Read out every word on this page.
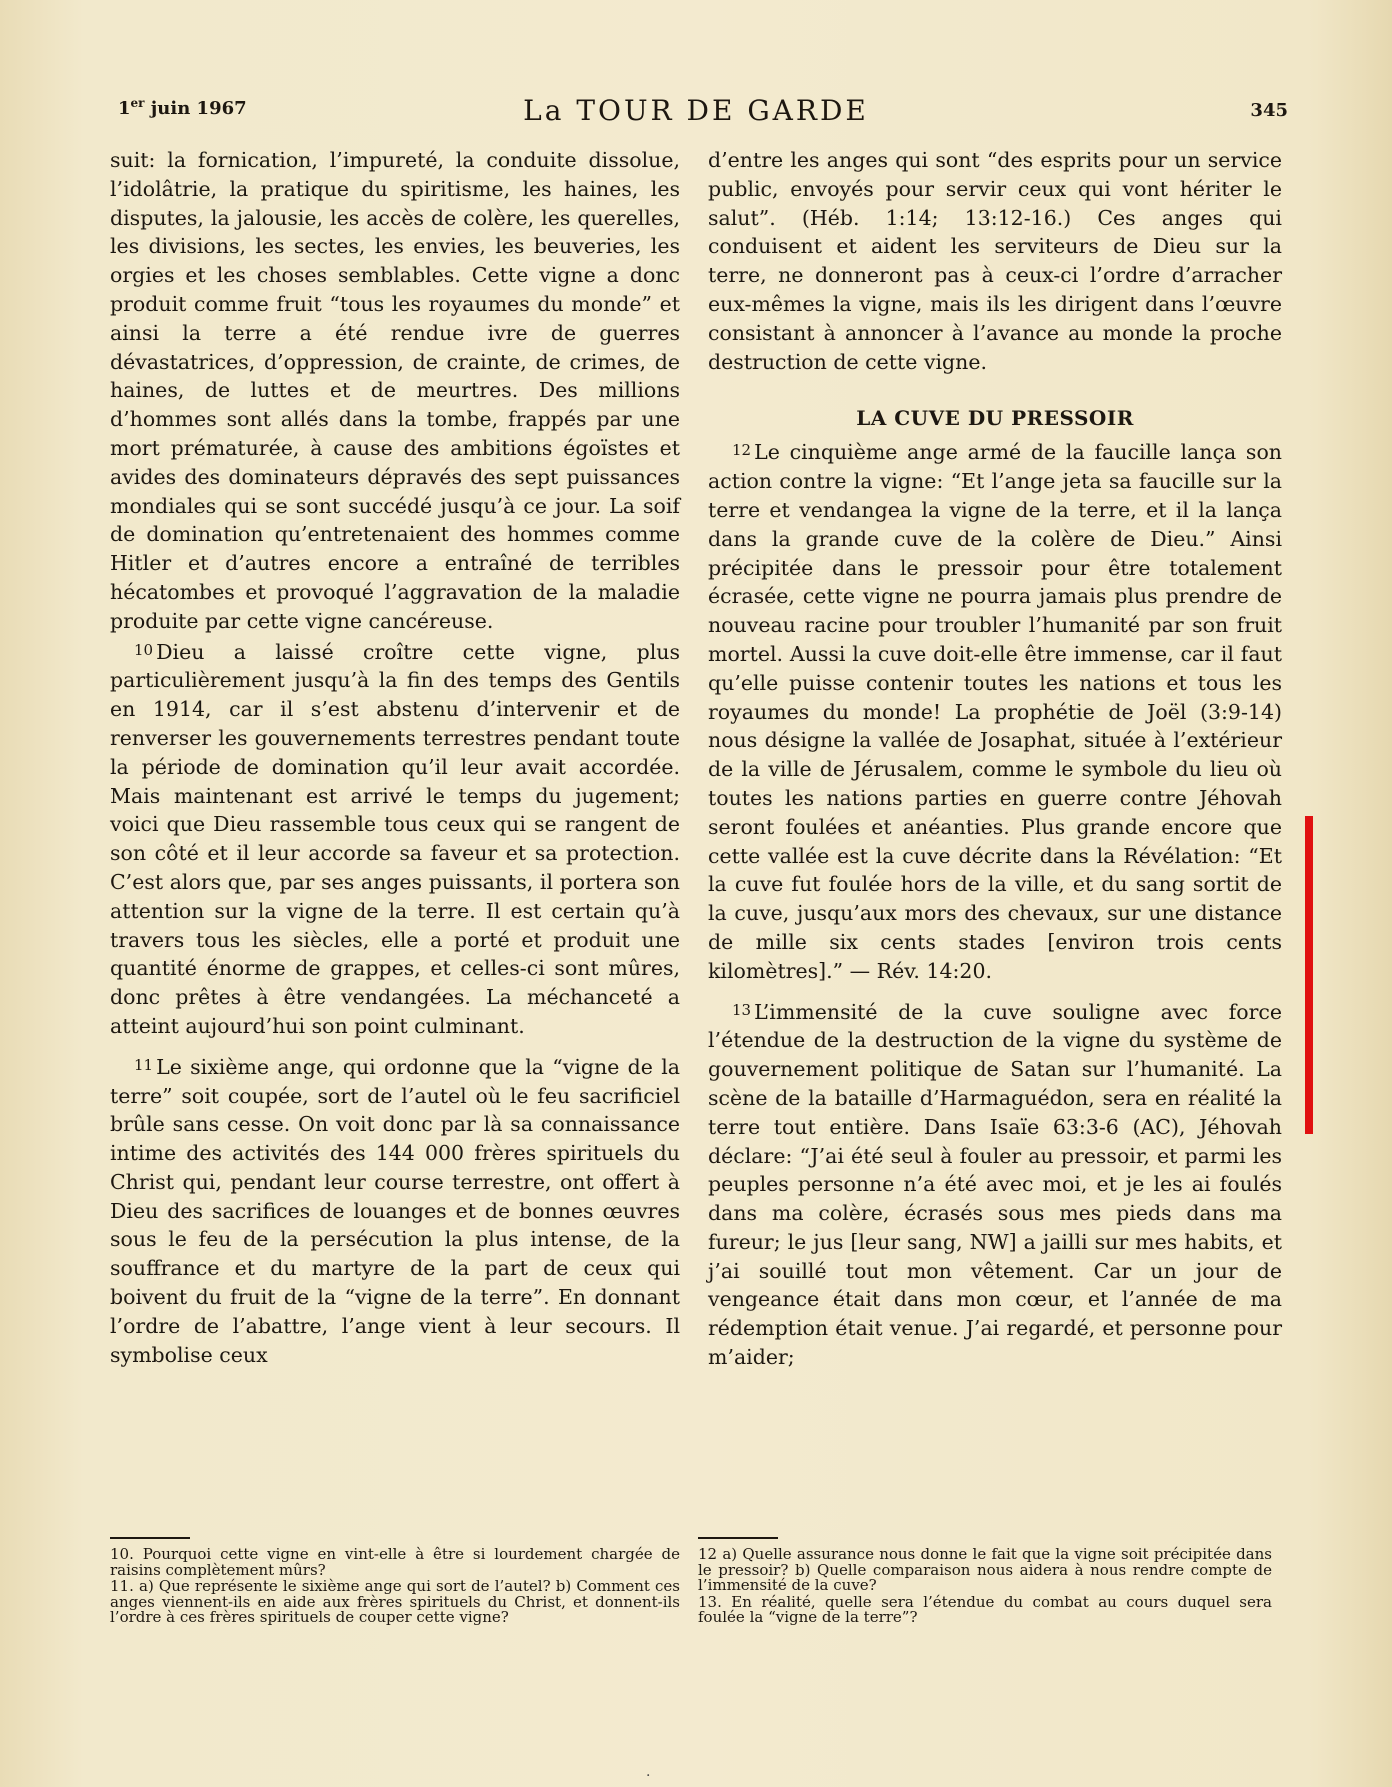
1er juin 1967	La TOUR DE GARDE	345

suit: la fornication, l’impureté, la conduite dissolue, l’idolâtrie, la pratique du spiritisme, les haines, les disputes, la jalousie, les accès de colère, les querelles, les divisions, les sectes, les envies, les beuveries, les orgies et les choses semblables. Cette vigne a donc produit comme fruit “tous les royaumes du monde” et ainsi la terre a été rendue ivre de guerres dévastatrices, d’oppression, de crainte, de crimes, de haines, de luttes et de meurtres. Des millions d’hommes sont allés dans la tombe, frappés par une mort prématurée, à cause des ambitions égoïstes et avides des dominateurs dépravés des sept puissances mondiales qui se sont succédé jusqu’à ce jour. La soif de domination qu’entretenaient des hommes comme Hitler et d’autres encore a entraîné de terribles hécatombes et provoqué l’aggravation de la maladie produite par cette vigne cancéreuse.

10 Dieu a laissé croître cette vigne, plus particulièrement jusqu’à la fin des temps des Gentils en 1914, car il s’est abstenu d’intervenir et de renverser les gouvernements terrestres pendant toute la période de domination qu’il leur avait accordée. Mais maintenant est arrivé le temps du jugement; voici que Dieu rassemble tous ceux qui se rangent de son côté et il leur accorde sa faveur et sa protection. C’est alors que, par ses anges puissants, il portera son attention sur la vigne de la terre. Il est certain qu’à travers tous les siècles, elle a porté et produit une quantité énorme de grappes, et celles-ci sont mûres, donc prêtes à être vendangées. La méchanceté a atteint aujourd’hui son point culminant.

11 Le sixième ange, qui ordonne que la “vigne de la terre” soit coupée, sort de l’autel où le feu sacrificiel brûle sans cesse. On voit donc par là sa connaissance intime des activités des 144 000 frères spirituels du Christ qui, pendant leur course terrestre, ont offert à Dieu des sacrifices de louanges et de bonnes œuvres sous le feu de la persécution la plus intense, de la souffrance et du martyre de la part de ceux qui boivent du fruit de la “vigne de la terre”. En donnant l’ordre de l’abattre, l’ange vient à leur secours. Il symbolise ceux

d’entre les anges qui sont “des esprits pour un service public, envoyés pour servir ceux qui vont hériter le salut”. (Héb. 1:14; 13:12-16.) Ces anges qui conduisent et aident les serviteurs de Dieu sur la terre, ne donneront pas à ceux-ci l’ordre d’arracher eux-mêmes la vigne, mais ils les dirigent dans l’œuvre consistant à annoncer à l’avance au monde la proche destruction de cette vigne.

LA CUVE DU PRESSOIR

12 Le cinquième ange armé de la faucille lança son action contre la vigne: “Et l’ange jeta sa faucille sur la terre et vendangea la vigne de la terre, et il la lança dans la grande cuve de la colère de Dieu.” Ainsi précipitée dans le pressoir pour être totalement écrasée, cette vigne ne pourra jamais plus prendre de nouveau racine pour troubler l’humanité par son fruit mortel. Aussi la cuve doit-elle être immense, car il faut qu’elle puisse contenir toutes les nations et tous les royaumes du monde! La prophétie de Joël (3:9-14) nous désigne la vallée de Josaphat, située à l’extérieur de la ville de Jérusalem, comme le symbole du lieu où toutes les nations parties en guerre contre Jéhovah seront foulées et anéanties. Plus grande encore que cette vallée est la cuve décrite dans la Révélation: “Et la cuve fut foulée hors de la ville, et du sang sortit de la cuve, jusqu’aux mors des chevaux, sur une distance de mille six cents stades [environ trois cents kilomètres].” — Rév. 14:20.

13 L’immensité de la cuve souligne avec force l’étendue de la destruction de la vigne du système de gouvernement politique de Satan sur l’humanité. La scène de la bataille d’Harmaguédon, sera en réalité la terre tout entière. Dans Isaïe 63:3-6 (AC), Jéhovah déclare: “J’ai été seul à fouler au pressoir, et parmi les peuples personne n’a été avec moi, et je les ai foulés dans ma colère, écrasés sous mes pieds dans ma fureur; le jus [leur sang, NW] a jailli sur mes habits, et j’ai souillé tout mon vêtement. Car un jour de vengeance était dans mon cœur, et l’année de ma rédemption était venue. J’ai regardé, et personne pour m’aider;

10. Pourquoi cette vigne en vint-elle à être si lourdement chargée de raisins complètement mûrs?

11. a) Que représente le sixième ange qui sort de l’autel? b) Comment ces anges viennent-ils en aide aux frères spirituels du Christ, et donnent-ils l’ordre à ces frères spirituels de couper cette vigne?

12 a) Quelle assurance nous donne le fait que la vigne soit précipitée dans le pressoir? b) Quelle comparaison nous aidera à nous rendre compte de l’immensité de la cuve?

13. En réalité, quelle sera l’étendue du combat au cours duquel sera foulée la “vigne de la terre”?

·
